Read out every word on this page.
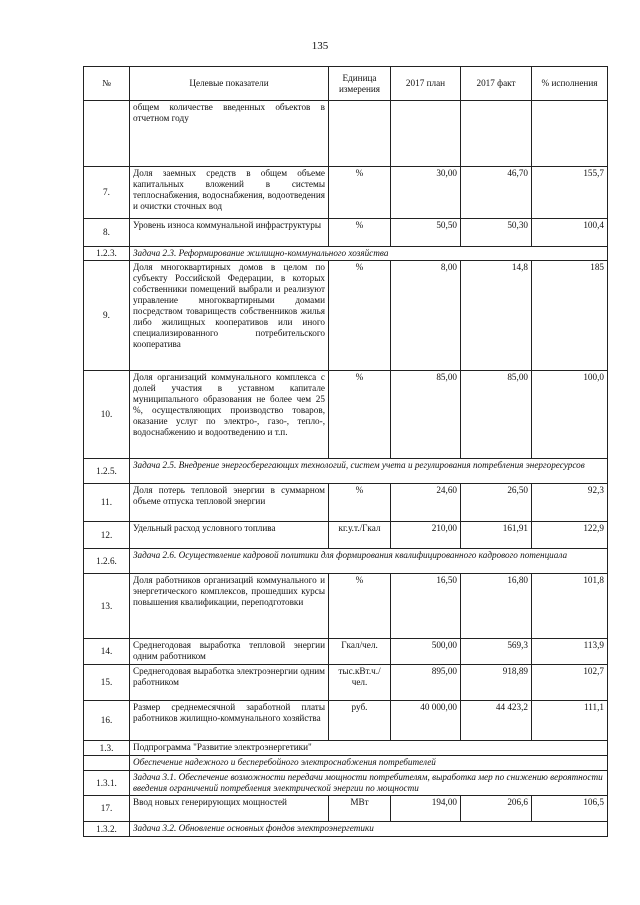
135
№	Целевые показатели	Единица измерения	2017 план	2017 факт	% исполнения
	общем количестве введенных объектов в отчетном году				
7.	Доля заемных средств в общем объеме капитальных вложений в системы теплоснабжения, водоснабжения, водоотведения и очистки сточных вод	%	30,00	46,70	155,7
8.	Уровень износа коммунальной инфраструктуры	%	50,50	50,30	100,4
1.2.3.	Задача 2.3. Реформирование жилищно-коммунального хозяйства				
9.	Доля многоквартирных домов в целом по субъекту Российской Федерации, в которых собственники помещений выбрали и реализуют управление многоквартирными домами посредством товариществ собственников жилья либо жилищных кооперативов или иного специализированного потребительского кооператива	%	8,00	14,8	185
10.	Доля организаций коммунального комплекса с долей участия в уставном капитале муниципального образования не более чем 25 %, осуществляющих производство товаров, оказание услуг по электро-, газо-, тепло-, водоснабжению и водоотведению и т.п.	%	85,00	85,00	100,0
1.2.5.	Задача 2.5. Внедрение энергосберегающих технологий, систем учета и регулирования потребления энергоресурсов				
11.	Доля потерь тепловой энергии в суммарном объеме отпуска тепловой энергии	%	24,60	26,50	92,3
12.	Удельный расход условного топлива	кг.у.т./Гкал	210,00	161,91	122,9
1.2.6.	Задача 2.6. Осуществление кадровой политики для формирования квалифицированного кадрового потенциала				
13.	Доля работников организаций коммунального и энергетического комплексов, прошедших курсы повышения квалификации, переподготовки	%	16,50	16,80	101,8
14.	Среднегодовая выработка тепловой энергии одним работником	Гкал/чел.	500,00	569,3	113,9
15.	Среднегодовая выработка электроэнергии одним работником	тыс.кВт.ч./чел.	895,00	918,89	102,7
16.	Размер среднемесячной заработной платы работников жилищно-коммунального хозяйства	руб.	40 000,00	44 423,2	111,1
1.3.	Подпрограмма "Развитие электроэнергетики"				
	Обеспечение надежного и бесперебойного электроснабжения потребителей				
1.3.1.	Задача 3.1. Обеспечение возможности передачи мощности потребителям, выработка мер по снижению вероятности введения ограничений потребления электрической энергии по мощности				
17.	Ввод новых генерирующих мощностей	МВт	194,00	206,6	106,5
1.3.2.	Задача 3.2. Обновление основных фондов электроэнергетики				
